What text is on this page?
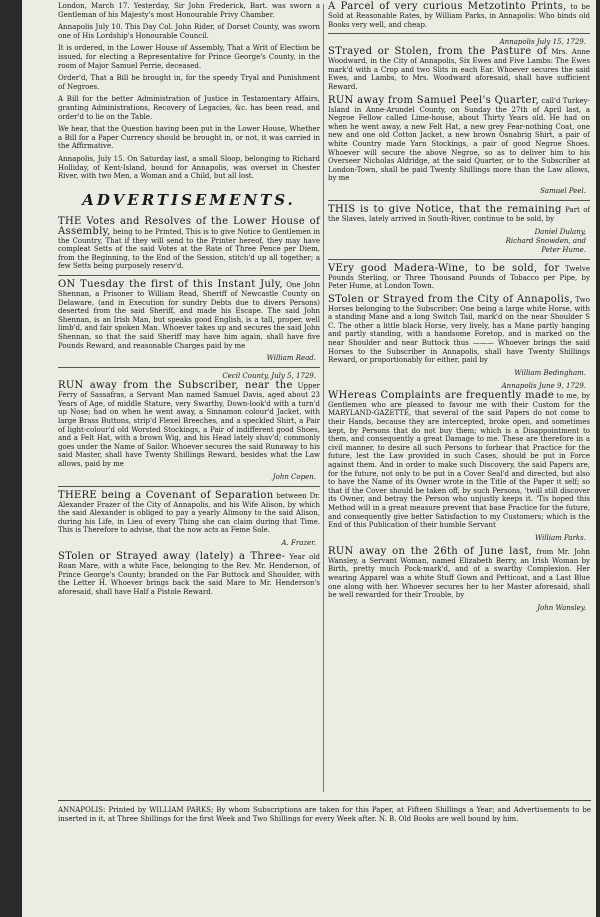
London, March 17. Yesterday, Sir John Frederick, Bart. was sworn a Gentleman of his Majesty's most Honourable Privy Chamber.

Annapolis July 10. This Day Col. John Rider, of Dorset County, was sworn one of His Lordship's Honourable Council.

It is ordered, in the Lower House of Assembly, That a Writ of Election be issued, for electing a Representative for Prince George's County, in the room of Major Samuel Perrie, deceased.

Order'd, That a Bill be brought in, for the speedy Tryal and Punishment of Negroes.

A Bill for the better Administration of Justice in Testamentary Affairs, granting Administrations, Recovery of Legacies, &c. has been read, and order'd to lie on the Table.

We hear, that the Question having been put in the Lower House, Whether a Bill for a Paper Currency should be brought in, or not, it was carried in the Affirmative.

Annapolis, July 15. On Saturday last, a small Sloop, belonging to Richard Holliday, of Kent-Island, bound for Annapolis, was overset in Chester River, with two Men, a Woman and a Child, but all lost.

ADVERTISEMENTS.
THE Votes and Resolves of the Lower House of Assembly, being to be Printed, This is to give Notice to Gentlemen in the Country, That if they will send to the Printer hereof, they may have compleat Setts of the said Votes at the Rate of Three Pence per Diem, from the Beginning, to the End of the Session, stitch'd up all together; a few Setts being purposely reserv'd.
ON Tuesday the first of this Instant July, One John Shennan, a Prisoner to William Read, Sheriff of Newcastle County on Delaware, (and in Execution for sundry Debts due to divers Persons) deserted from the said Sheriff, and made his Escape. The said John Shennan, is an Irish Man, but speaks good English, is a tall, proper, well limb'd, and fair spoken Man. Whoever takes up and secures the said John Shennan, so that the said Sheriff may have him again, shall have five Pounds Reward, and reasonable Charges paid by me
William Read.
Cecil County, July 5, 1729.
RUN away from the Subscriber, near the Upper Ferry of Sassafras, a Servant Man named Samuel Davis, aged about 23 Years of Age, of middle Stature, very Swarthy, Down-look'd with a turn'd up Nose; had on when he went away, a Sinnamon colour'd Jacket, with large Brass Buttons, strip'd Flexel Breeches, and a speckled Shirt, a Pair of light-colour'd old Worsted Stockings, a Pair of indifferent good Shoes, and a Felt Hat, with a brown Wig, and his Head lately shav'd; commonly goes under the Name of Sailor. Whoever secures the said Runaway to his said Master, shall have Twenty Shillings Reward, besides what the Law allows, paid by me
John Copen.
THERE being a Covenant of Separation between Dr. Alexander Frazer of the City of Annapolis, and his Wife Alison, by which the said Alexander is obliged to pay a yearly Alimony to the said Alison, during his Life, in Lieu of every Thing she can claim during that Time. This is Therefore to advise, that the now acts as Feme Sole.
A. Frazer.
STolen or Strayed away (lately) a Three- Year old Roan Mare, with a white Face, belonging to the Rev. Mr. Henderson, of Prince George's County; branded on the Far Buttock and Shoulder, with the Letter H. Whoever brings back the said Mare to Mr. Henderson's aforesaid, shall have Half a Pistole Reward.
A Parcel of very curious Metzotinto Prints, to be Sold at Reasonable Rates, by William Parks, in Annapolis: Who binds old Books very well, and cheap.
Annapolis July 15, 1729.
STrayed or Stolen, from the Pasture of Mrs. Anne Woodward, in the City of Annapolis, Six Ewes and Five Lambs: The Ewes mark'd with a Crop and two Slits in each Ear. Whoever secures the said Ewes, and Lambs, to Mrs. Woodward aforesaid, shall have sufficient Reward.
RUN away from Samuel Peel's Quarter, call'd Turkey-Island in Anne-Arundel County, on Sunday the 27th of April last, a Negroe Fellow called Lime-house, about Thirty Years old. He had on when he went away, a new Felt Hat, a new grey Fear-nothing Coat, one new and one old Cotton Jacket, a new brown Osnabrig Shirt, a pair of white Country made Yarn Stockings, a pair of good Negroe Shoes. Whoever will secure the above Negroe, so as to deliver him to his Overseer Nicholas Aldridge, at the said Quarter, or to the Subscriber at London-Town, shall be paid Twenty Shillings more than the Law allows, by me
Samuel Peel.
THIS is to give Notice, that the remaining Part of the Slaves, lately arrived in South-River, continue to be sold, by
Daniel Dulany,
Richard Snowden, and
Peter Hume.
VEry good Madera-Wine, to be sold, for Twelve Pounds Sterling, or Three Thousand Pounds of Tobacco per Pipe, by Peter Hume, at London Town.
STolen or Strayed from the City of Annapolis, Two Horses belonging to the Subscriber: One being a large white Horse, with a standing Mane and a long Switch Tail, mark'd on the near Shoulder S C. The other a little black Horse, very lively, has a Mane partly hanging and partly standing, with a handsome Foretop, and is marked on the near Shoulder and near Buttock thus ——— Whoever brings the said Horses to the Subscriber in Annapolis, shall have Twenty Shillings Reward, or proportionably for either, paid by
William Bedingham.
Annapolis June 9, 1729.
WHereas Complaints are frequently made to me, by Gentlemen who are pleased to favour me with their Custom for the MARYLAND-GAZETTE, that several of the said Papers do not come to their Hands, because they are intercepted, broke open, and sometimes kept, by Persons that do not buy them; which is a Disappointment to them, and consequently a great Damage to me. These are therefore in a civil manner, to desire all such Persons to forbear that Practice for the future, lest the Law provided in such Cases, should be put in Force against them. And in order to make such Discovery, the said Papers are, for the future, not only to be put in a Cover Seal'd and directed, but also to have the Name of its Owner wrote in the Title of the Paper it self; so that if the Cover should be taken off, by such Persons, 'twill still discover its Owner, and betray the Person who unjustly keeps it. 'Tis hoped this Method will in a great measure prevent that base Practice for the future, and consequently give better Satisfaction to my Customers; which is the End of this Publication of their humble Servant
William Parks.
RUN away on the 26th of June last, from Mr. John Wansley, a Servant Woman, named Elizabeth Berry, an Irish Woman by Birth, pretty much Pock-mark'd, and of a swarthy Complexion. Her wearing Apparel was a white Stuff Gown and Petticoat, and a Last Blue one along with her. Whoever secures her to her Master aforesaid, shall be well rewarded for their Trouble, by
John Wansley.
ANNAPOLIS: Printed by WILLIAM PARKS; By whom Subscriptions are taken for this Paper, at Fifteen Shillings a Year; and Advertisements to be inserted in it, at Three Shillings for the first Week and Two Shillings for every Week after. N. B. Old Books are well bound by him.
